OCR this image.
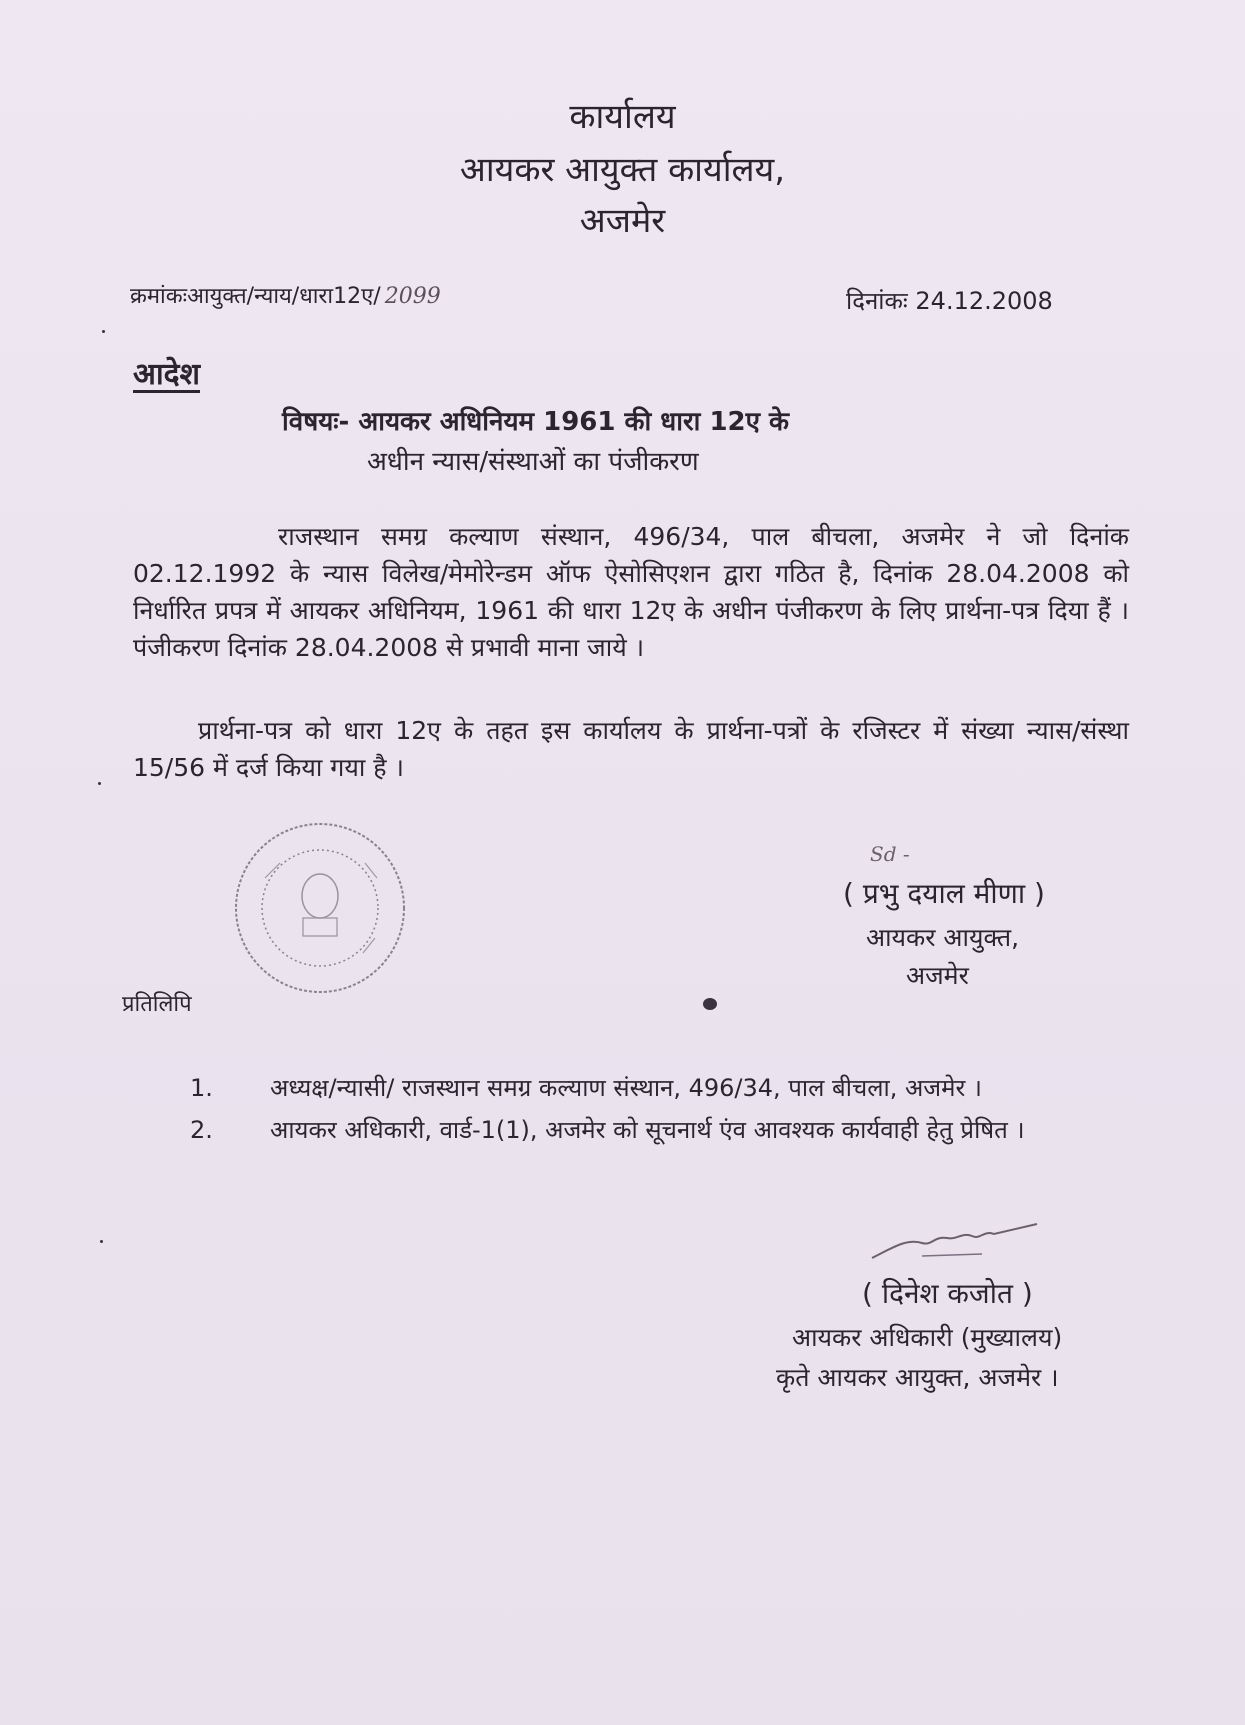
कार्यालय
आयकर आयुक्त कार्यालय,
अजमेर
क्रमांकःआयुक्त/न्याय/धारा12ए/ 2099	दिनांकः 24.12.2008
आदेश
विषयः- आयकर अधिनियम 1961 की धारा 12ए के
अधीन न्यास/संस्थाओं का पंजीकरण
राजस्थान समग्र कल्याण संस्थान, 496/34, पाल बीचला, अजमेर ने जो दिनांक 02.12.1992 के न्यास विलेख/मेमोरेन्डम ऑफ ऐसोसिएशन द्वारा गठित है, दिनांक 28.04.2008 को निर्धारित प्रपत्र में आयकर अधिनियम, 1961 की धारा 12ए के अधीन पंजीकरण के लिए प्रार्थना-पत्र दिया हैं । पंजीकरण दिनांक 28.04.2008 से प्रभावी माना जाये ।
प्रार्थना-पत्र को धारा 12ए के तहत इस कार्यालय के प्रार्थना-पत्रों के रजिस्टर में संख्या न्यास/संस्था 15/56 में दर्ज किया गया है ।
Sd -
( प्रभु दयाल मीणा )
आयकर आयुक्त,
अजमेर
प्रतिलिपि
1.	अध्यक्ष/न्यासी/ राजस्थान समग्र कल्याण संस्थान, 496/34, पाल बीचला, अजमेर ।
2.	आयकर अधिकारी, वार्ड-1(1), अजमेर को सूचनार्थ एंव आवश्यक कार्यवाही हेतु प्रेषित ।
( दिनेश कजोत )
आयकर अधिकारी (मुख्यालय)
कृते आयकर आयुक्त, अजमेर ।
